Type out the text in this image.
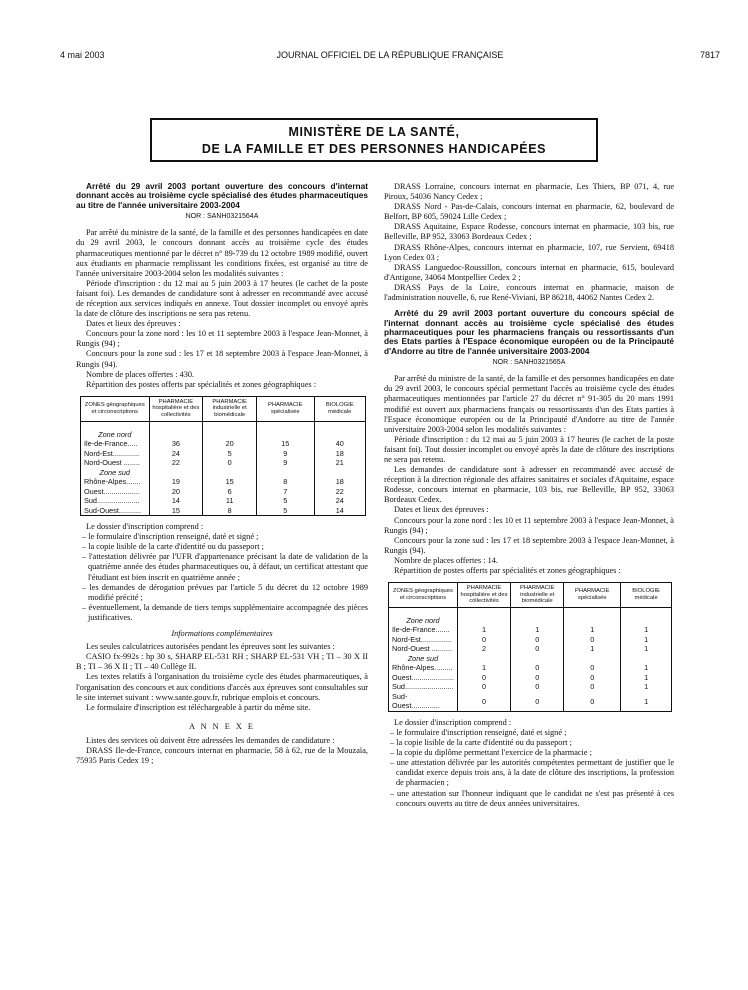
4 mai 2003	JOURNAL OFFICIEL DE LA RÉPUBLIQUE FRANÇAISE	7817
MINISTÈRE DE LA SANTÉ,
DE LA FAMILLE ET DES PERSONNES HANDICAPÉES

Arrêté du 29 avril 2003 portant ouverture des concours d'internat donnant accès au troisième cycle spécialisé des études pharmaceutiques au titre de l'année universitaire 2003-2004

NOR : SANH0321564A

Par arrêté du ministre de la santé, de la famille et des personnes handicapées en date du 29 avril 2003, le concours donnant accès au troisième cycle des études pharmaceutiques mentionné par le décret n° 89-739 du 12 octobre 1989 modifié, ouvert aux étudiants en pharmacie remplissant les conditions fixées, est organisé au titre de l'année universitaire 2003-2004 selon les modalités suivantes :

Période d'inscription : du 12 mai au 5 juin 2003 à 17 heures (le cachet de la poste faisant foi). Les demandes de candidature sont à adresser en recommandé avec accusé de réception aux services indiqués en annexe. Tout dossier incomplet ou envoyé après la date de clôture des inscriptions ne sera pas retenu.

Dates et lieux des épreuves :

Concours pour la zone nord : les 10 et 11 septembre 2003 à l'espace Jean-Monnet, à Rungis (94) ;

Concours pour la zone sud : les 17 et 18 septembre 2003 à l'espace Jean-Monnet, à Rungis (94).

Nombre de places offertes : 430.

Répartition des postes offerts par spécialités et zones géographiques :

ZONES géographiques et circonscriptions	PHARMACIE hospitalière et des collectivités	PHARMACIE industrielle et biomédicale	PHARMACIE spécialisée	BIOLOGIE médicale

Zone nord				
Ile-de-France.....	36	20	15	40
Nord-Est.............	24	5	9	18
Nord-Ouest ........	22	0	9	21
Zone sud				
Rhône-Alpes.......	19	15	8	18
Ouest..................	20	6	7	22
Sud.....................	14	11	5	24
Sud-Ouest...........	15	8	5	14

Le dossier d'inscription comprend :

– le formulaire d'inscription renseigné, daté et signé ;
– la copie lisible de la carte d'identité ou du passeport ;
– l'attestation délivrée par l'UFR d'appartenance précisant la date de validation de la quatrième année des études pharmaceutiques ou, à défaut, un certificat attestant que l'étudiant est bien inscrit en quatrième année ;
– les demandes de dérogation prévues par l'article 5 du décret du 12 octobre 1989 modifié précité ;
– éventuellement, la demande de tiers temps supplémentaire accompagnée des pièces justificatives.
Informations complémentaires

Les seules calculatrices autorisées pendant les épreuves sont les suivantes :

CASIO fx-992s : hp 30 s, SHARP EL-531 RH ; SHARP EL-531 VH ; TI – 30 X II B ; TI – 36 X II ; TI – 40 Collège II.

Les textes relatifs à l'organisation du troisième cycle des études pharmaceutiques, à l'organisation des concours et aux conditions d'accès aux épreuves sont consultables sur le site internet suivant : www.sante.gouv.fr, rubrique emplois et concours.

Le formulaire d'inscription est téléchargeable à partir du même site.

A N N E X E

Listes des services où doivent être adressées les demandes de candidature :

DRASS Ile-de-France, concours internat en pharmacie, 58 à 62, rue de la Mouzaïa, 75935 Paris Cedex 19 ;

DRASS Lorraine, concours internat en pharmacie, Les Thiers, BP 071, 4, rue Piroux, 54036 Nancy Cedex ;

DRASS Nord - Pas-de-Calais, concours internat en pharmacie, 62, boulevard de Belfort, BP 605, 59024 Lille Cedex ;

DRASS Aquitaine, Espace Rodesse, concours internat en pharmacie, 103 bis, rue Belleville, BP 952, 33063 Bordeaux Cedex ;

DRASS Rhône-Alpes, concours internat en pharmacie, 107, rue Servient, 69418 Lyon Cedex 03 ;

DRASS Languedoc-Roussillon, concours internat en pharmacie, 615, boulevard d'Antigone, 34064 Montpellier Cedex 2 ;

DRASS Pays de la Loire, concours internat en pharmacie, maison de l'administration nouvelle, 6, rue René-Viviani, BP 86218, 44062 Nantes Cedex 2.

Arrêté du 29 avril 2003 portant ouverture du concours spécial de l'internat donnant accès au troisième cycle spécialisé des études pharmaceutiques pour les pharmaciens français ou ressortissants d'un des Etats parties à l'Espace économique européen ou de la Principauté d'Andorre au titre de l'année universitaire 2003-2004

NOR : SANH0321565A

Par arrêté du ministre de la santé, de la famille et des personnes handicapées en date du 29 avril 2003, le concours spécial permettant l'accès au troisième cycle des études pharmaceutiques mentionnées par l'article 27 du décret n° 91-305 du 20 mars 1991 modifié est ouvert aux pharmaciens français ou ressortissants d'un des Etats parties à l'Espace économique européen ou de la Principauté d'Andorre au titre de l'année universitaire 2003-2004 selon les modalités suivantes :

Période d'inscription : du 12 mai au 5 juin 2003 à 17 heures (le cachet de la poste faisant foi). Tout dossier incomplet ou envoyé après la date de clôture des inscriptions ne sera pas retenu.

Les demandes de candidature sont à adresser en recommandé avec accusé de réception à la direction régionale des affaires sanitaires et sociales d'Aquitaine, espace Rodesse, concours internat en pharmacie, 103 bis, rue Belleville, BP 952, 33063 Bordeaux Cedex.

Dates et lieux des épreuves :

Concours pour la zone nord : les 10 et 11 septembre 2003 à l'espace Jean-Monnet, à Rungis (94) ;

Concours pour la zone sud : les 17 et 18 septembre 2003 à l'espace Jean-Monnet, à Rungis (94).

Nombre de places offertes : 14.

Répartition de postes offerts par spécialités et zones géographiques :

ZONES géographiques et circonscriptions	PHARMACIE hospitalière et des collectivités	PHARMACIE industrielle et biomédicale	PHARMACIE spécialisée	BIOLOGIE médicale

Zone nord				
Ile-de-France.......	1	1	1	1
Nord-Est...............	0	0	0	1
Nord-Ouest ..........	2	0	1	1
Zone sud				
Rhône-Alpes.........	1	0	0	1
Ouest.....................	0	0	0	1
Sud........................	0	0	0	1
Sud-Ouest..............	0	0	0	1

Le dossier d'inscription comprend :

– le formulaire d'inscription renseigné, daté et signé ;
– la copie lisible de la carte d'identité ou du passeport ;
– la copie du diplôme permettant l'exercice de la pharmacie ;
– une attestation délivrée par les autorités compétentes permettant de justifier que le candidat exerce depuis trois ans, à la date de clôture des inscriptions, la profession de pharmacien ;
– une attestation sur l'honneur indiquant que le candidat ne s'est pas présenté à ces concours ouverts au titre de deux années universitaires.
